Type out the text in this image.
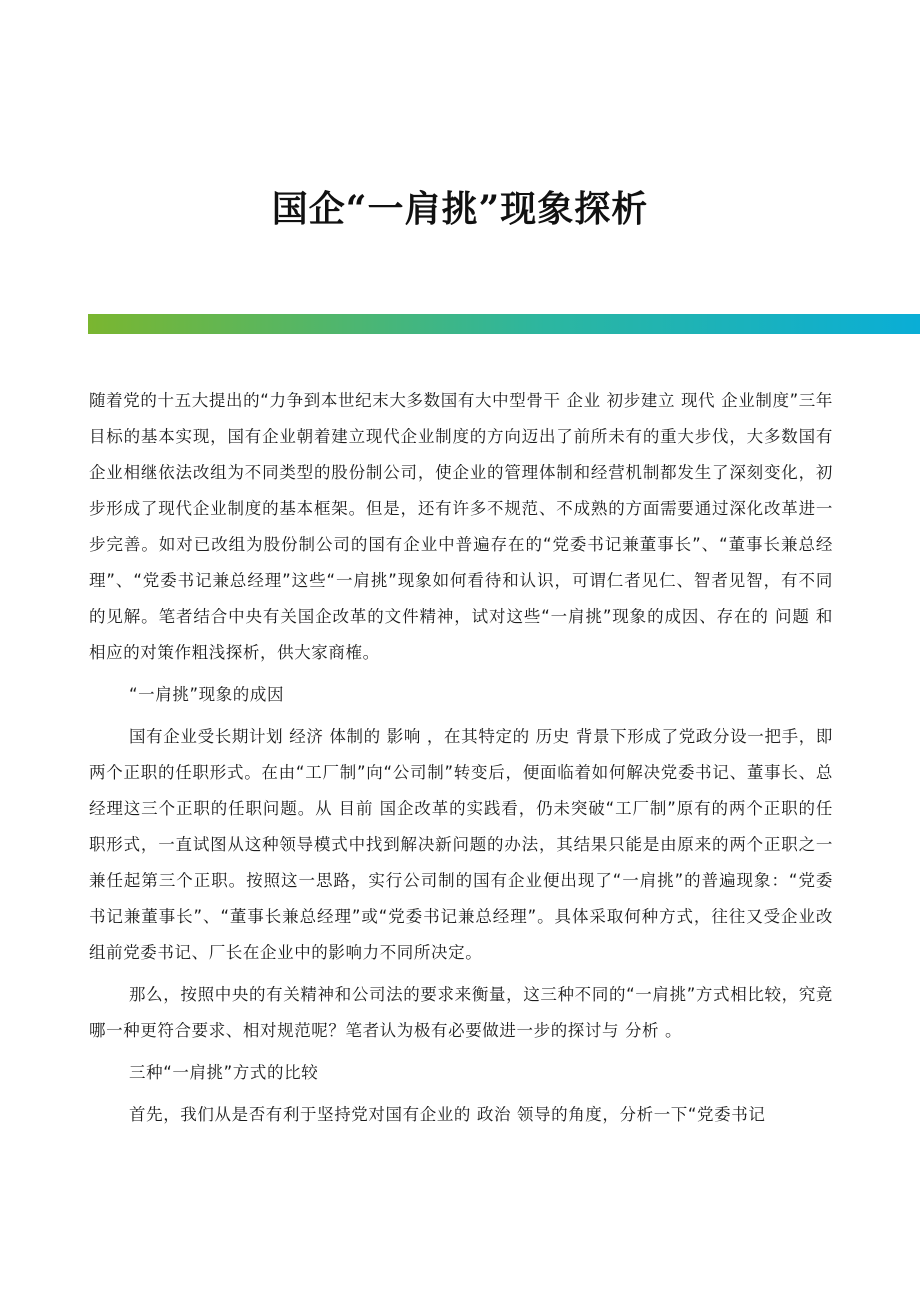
国企“一肩挑”现象探析

随着党的十五大提出的“力争到本世纪末大多数国有大中型骨干 企业 初步建立 现代 企业制度”三年目标的基本实现，国有企业朝着建立现代企业制度的方向迈出了前所未有的重大步伐，大多数国有企业相继依法改组为不同类型的股份制公司，使企业的管理体制和经营机制都发生了深刻变化，初步形成了现代企业制度的基本框架。但是，还有许多不规范、不成熟的方面需要通过深化改革进一步完善。如对已改组为股份制公司的国有企业中普遍存在的“党委书记兼董事长”、“董事长兼总经理”、“党委书记兼总经理”这些“一肩挑”现象如何看待和认识，可谓仁者见仁、智者见智，有不同的见解。笔者结合中央有关国企改革的文件精神，试对这些“一肩挑”现象的成因、存在的 问题 和相应的对策作粗浅探析，供大家商榷。

“一肩挑”现象的成因

国有企业受长期计划 经济 体制的 影响 ，在其特定的 历史 背景下形成了党政分设一把手，即两个正职的任职形式。在由“工厂制”向“公司制”转变后，便面临着如何解决党委书记、董事长、总经理这三个正职的任职问题。从 目前 国企改革的实践看，仍未突破“工厂制”原有的两个正职的任职形式，一直试图从这种领导模式中找到解决新问题的办法，其结果只能是由原来的两个正职之一兼任起第三个正职。按照这一思路，实行公司制的国有企业便出现了“一肩挑”的普遍现象：“党委书记兼董事长”、“董事长兼总经理”或“党委书记兼总经理”。具体采取何种方式，往往又受企业改组前党委书记、厂长在企业中的影响力不同所决定。

那么，按照中央的有关精神和公司法的要求来衡量，这三种不同的“一肩挑”方式相比较，究竟哪一种更符合要求、相对规范呢？笔者认为极有必要做进一步的探讨与 分析 。

三种“一肩挑”方式的比较

首先，我们从是否有利于坚持党对国有企业的 政治 领导的角度，分析一下“党委书记
